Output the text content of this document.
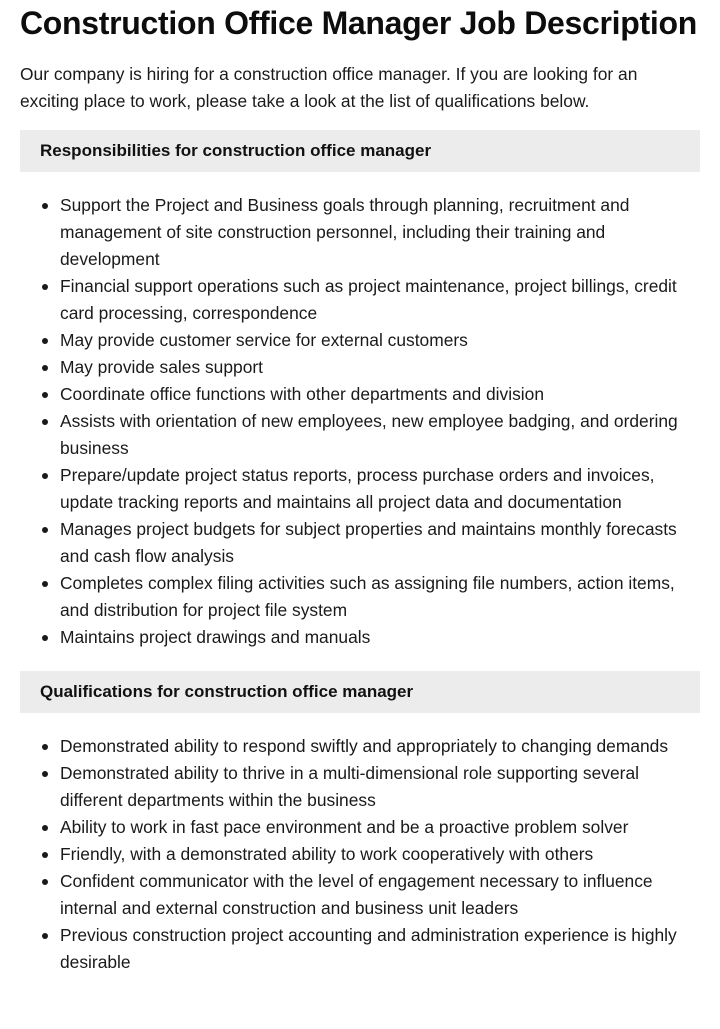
Construction Office Manager Job Description

Our company is hiring for a construction office manager. If you are looking for an exciting place to work, please take a look at the list of qualifications below.

Responsibilities for construction office manager
Support the Project and Business goals through planning, recruitment and management of site construction personnel, including their training and development
Financial support operations such as project maintenance, project billings, credit card processing, correspondence
May provide customer service for external customers
May provide sales support
Coordinate office functions with other departments and division
Assists with orientation of new employees, new employee badging, and ordering business
Prepare/update project status reports, process purchase orders and invoices, update tracking reports and maintains all project data and documentation
Manages project budgets for subject properties and maintains monthly forecasts and cash flow analysis
Completes complex filing activities such as assigning file numbers, action items, and distribution for project file system
Maintains project drawings and manuals
Qualifications for construction office manager
Demonstrated ability to respond swiftly and appropriately to changing demands
Demonstrated ability to thrive in a multi-dimensional role supporting several different departments within the business
Ability to work in fast pace environment and be a proactive problem solver
Friendly, with a demonstrated ability to work cooperatively with others
Confident communicator with the level of engagement necessary to influence internal and external construction and business unit leaders
Previous construction project accounting and administration experience is highly desirable
